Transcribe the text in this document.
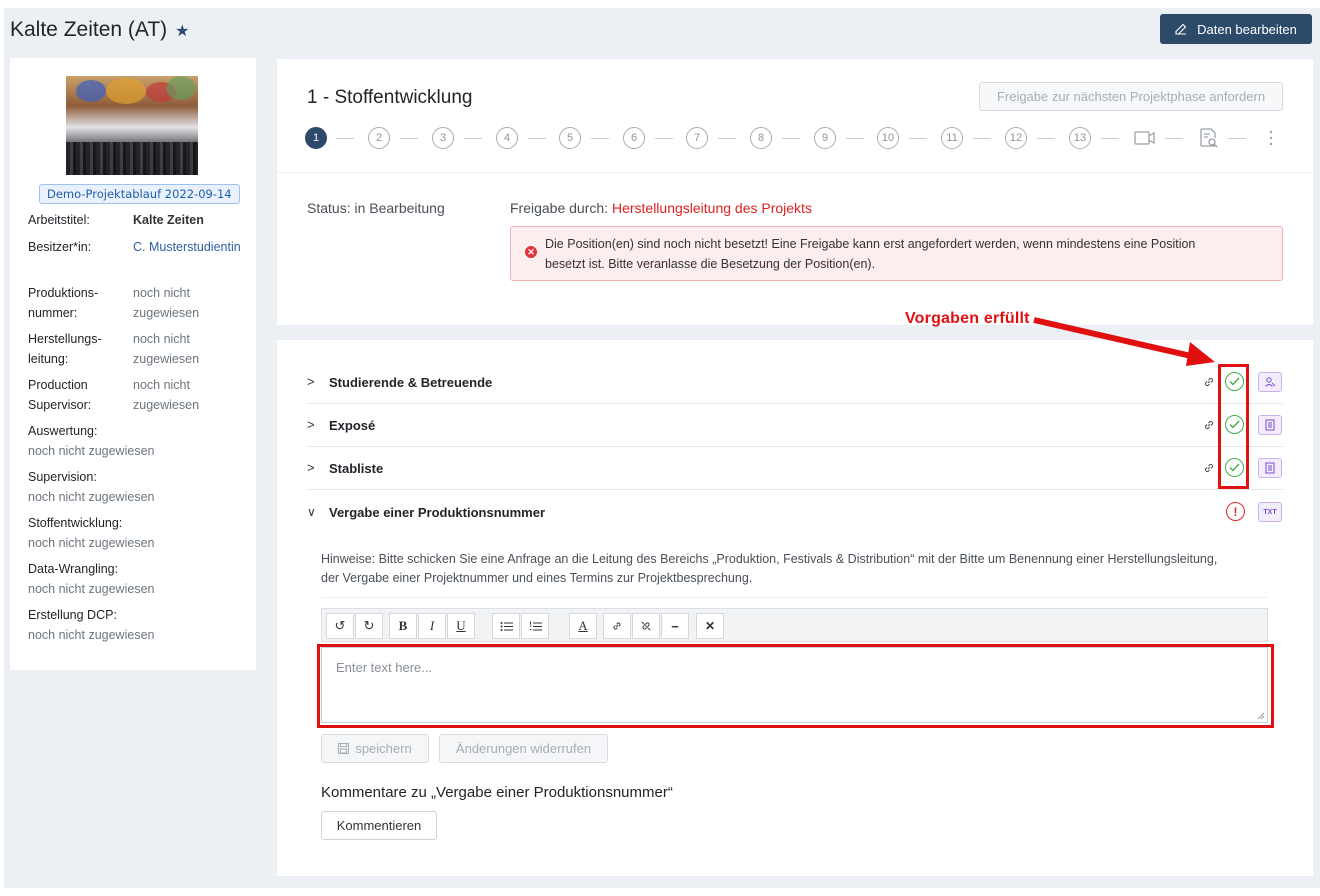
Kalte Zeiten (AT) ★	Daten bearbeiten
Demo-Projektablauf 2022-09-14
Arbeitstitel:	Kalte Zeiten
Besitzer*in:	C. Musterstudientin
Produktions-nummer:
noch nicht zugewiesen
Herstellungs-leitung:
noch nicht zugewiesen
Production Supervisor:
noch nicht zugewiesen
Auswertung:
noch nicht zugewiesen
Supervision:
noch nicht zugewiesen
Stoffentwicklung:
noch nicht zugewiesen
Data-Wrangling:
noch nicht zugewiesen
Erstellung DCP:
noch nicht zugewiesen
1 - Stoffentwicklung	Freigabe zur nächsten Projektphase anfordern
1	2	3	4	5	6	7	8	9	10	11	12	13
Status: in Bearbeitung	Freigabe durch: Herstellungsleitung des Projekts
✕
Die Position(en) sind noch nicht besetzt! Eine Freigabe kann erst angefordert werden, wenn mindestens eine Position
besetzt ist. Bitte veranlasse die Besetzung der Position(en).
> Studierende & Betreuende
> Exposé
> Stabliste
∨ Vergabe einer Produktionsnummer	!	TXT
Hinweise: Bitte schicken Sie eine Anfrage an die Leitung des Bereichs „Produktion, Festivals & Distribution“ mit der Bitte um Benennung einer Herstellungsleitung, der Vergabe einer Projektnummer und eines Termins zur Projektbesprechung.
↺	↻	B	I	U	A	−	✕
Enter text here...
speichern	Änderungen widerrufen
Kommentare zu „Vergabe einer Produktionsnummer“
Kommentieren
Vorgaben erfüllt
